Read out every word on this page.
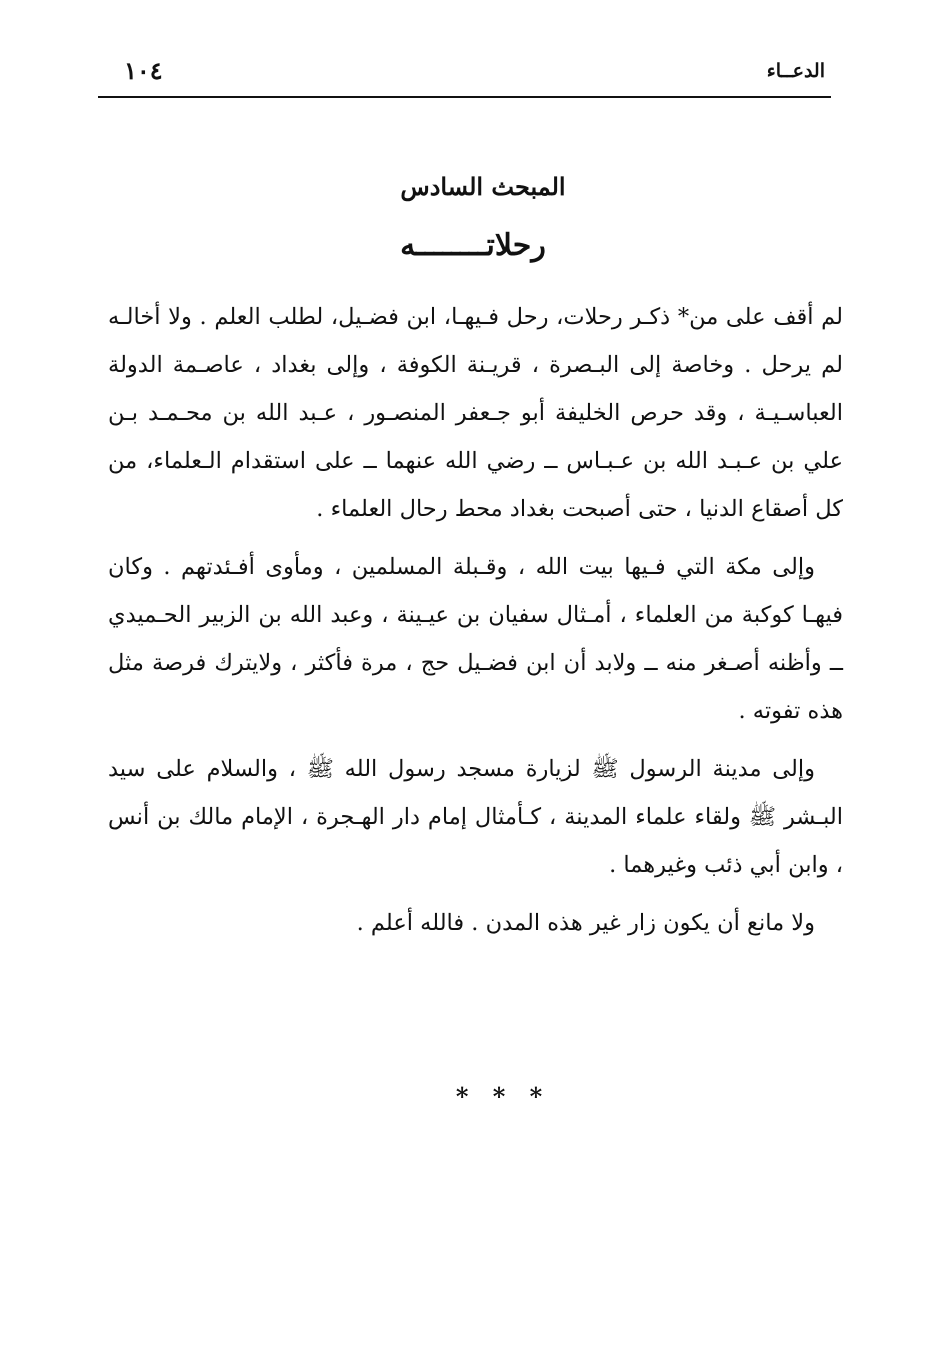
الدعــاء
١٠٤
المبحث السادس
رحلاتــــــــه

لم أقف على من* ذكـر رحلات، رحل فـيهـا، ابن فضـيل، لطلب العلم . ولا أخالـه لم يرحل . وخاصة إلى البـصرة ، قريـنة الكوفة ، وإلى بغداد ، عاصـمة الدولة العباسـيـة ، وقد حرص الخليفة أبو جـعفر المنصـور ، عـبد الله بن محـمـد بـن علي بن عـبـد الله بن عـبـاس ــ رضي الله عنهما ــ على استقدام الـعلماء، من كل أصقاع الدنيا ، حتى أصبحت بغداد محط رحال العلماء .

وإلى مكة التي فـيها بيت الله ، وقـبلة المسلمين ، ومأوى أفـئدتهم . وكان فيهـا كوكبة من العلماء ، أمـثال سفيان بن عيـينة ، وعبد الله بن الزبير الحـميدي ــ وأظنه أصـغر منه ــ ولابد أن ابن فضـيل حج ، مرة فأكثر ، ولايترك فرصة مثل هذه تفوته .

وإلى مدينة الرسول ﷺ لزيارة مسجد رسول الله ﷺ ، والسلام على سيد البـشر ﷺ ولقاء علماء المدينة ، كـأمثال إمام دار الهـجرة ، الإمام مالك بن أنس ، وابن أبي ذئب وغيرهما .

ولا مانع أن يكون زار غير هذه المدن . فالله أعلم .

* * *
